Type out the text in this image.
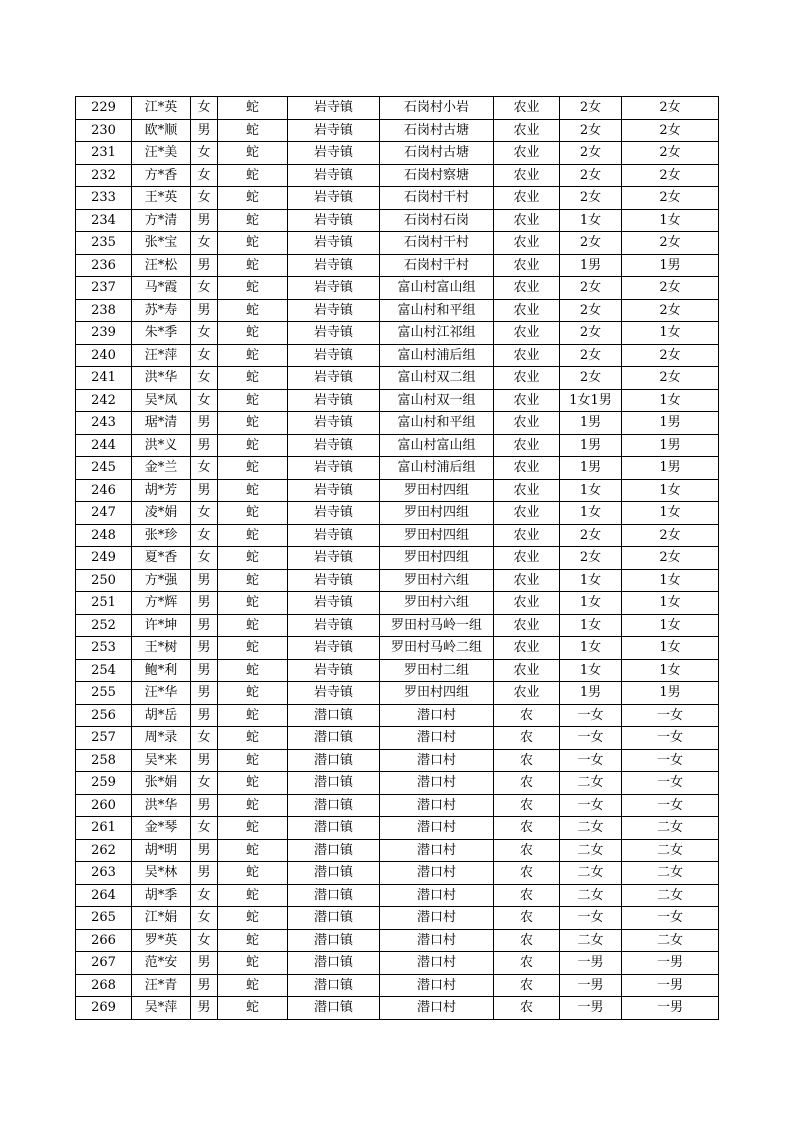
229	江*英	女	蛇	岩寺镇	石岗村小岩	农业	2女	2女
230	欧*顺	男	蛇	岩寺镇	石岗村古塘	农业	2女	2女
231	汪*美	女	蛇	岩寺镇	石岗村古塘	农业	2女	2女
232	方*香	女	蛇	岩寺镇	石岗村察塘	农业	2女	2女
233	王*英	女	蛇	岩寺镇	石岗村干村	农业	2女	2女
234	方*清	男	蛇	岩寺镇	石岗村石岗	农业	1女	1女
235	张*宝	女	蛇	岩寺镇	石岗村干村	农业	2女	2女
236	汪*松	男	蛇	岩寺镇	石岗村干村	农业	1男	1男
237	马*霞	女	蛇	岩寺镇	富山村富山组	农业	2女	2女
238	苏*寿	男	蛇	岩寺镇	富山村和平组	农业	2女	2女
239	朱*季	女	蛇	岩寺镇	富山村江祁组	农业	2女	1女
240	汪*萍	女	蛇	岩寺镇	富山村浦后组	农业	2女	2女
241	洪*华	女	蛇	岩寺镇	富山村双二组	农业	2女	2女
242	吴*凤	女	蛇	岩寺镇	富山村双一组	农业	1女1男	1女
243	琚*清	男	蛇	岩寺镇	富山村和平组	农业	1男	1男
244	洪*义	男	蛇	岩寺镇	富山村富山组	农业	1男	1男
245	金*兰	女	蛇	岩寺镇	富山村浦后组	农业	1男	1男
246	胡*芳	男	蛇	岩寺镇	罗田村四组	农业	1女	1女
247	凌*娟	女	蛇	岩寺镇	罗田村四组	农业	1女	1女
248	张*珍	女	蛇	岩寺镇	罗田村四组	农业	2女	2女
249	夏*香	女	蛇	岩寺镇	罗田村四组	农业	2女	2女
250	方*强	男	蛇	岩寺镇	罗田村六组	农业	1女	1女
251	方*辉	男	蛇	岩寺镇	罗田村六组	农业	1女	1女
252	许*坤	男	蛇	岩寺镇	罗田村马岭一组	农业	1女	1女
253	王*树	男	蛇	岩寺镇	罗田村马岭二组	农业	1女	1女
254	鲍*利	男	蛇	岩寺镇	罗田村二组	农业	1女	1女
255	汪*华	男	蛇	岩寺镇	罗田村四组	农业	1男	1男
256	胡*岳	男	蛇	潜口镇	潜口村	农	一女	一女
257	周*录	女	蛇	潜口镇	潜口村	农	一女	一女
258	吴*来	男	蛇	潜口镇	潜口村	农	一女	一女
259	张*娟	女	蛇	潜口镇	潜口村	农	二女	一女
260	洪*华	男	蛇	潜口镇	潜口村	农	一女	一女
261	金*琴	女	蛇	潜口镇	潜口村	农	二女	二女
262	胡*明	男	蛇	潜口镇	潜口村	农	二女	二女
263	吴*林	男	蛇	潜口镇	潜口村	农	二女	二女
264	胡*季	女	蛇	潜口镇	潜口村	农	二女	二女
265	江*娟	女	蛇	潜口镇	潜口村	农	一女	一女
266	罗*英	女	蛇	潜口镇	潜口村	农	二女	二女
267	范*安	男	蛇	潜口镇	潜口村	农	一男	一男
268	汪*青	男	蛇	潜口镇	潜口村	农	一男	一男
269	吴*萍	男	蛇	潜口镇	潜口村	农	一男	一男
